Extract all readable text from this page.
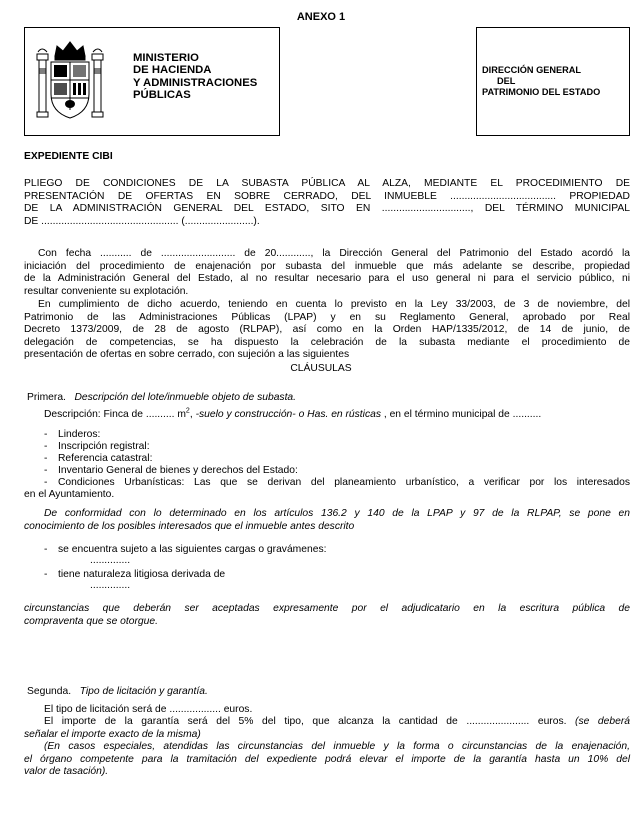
ANEXO 1
MINISTERIO
DE HACIENDA
Y ADMINISTRACIONES
PÚBLICAS
DIRECCIÓN GENERAL
DEL
PATRIMONIO DEL ESTADO
EXPEDIENTE CIBI
PLIEGO DE CONDICIONES DE LA SUBASTA PÚBLICA AL ALZA, MEDIANTE EL PROCEDIMIENTO DE
PRESENTACIÓN DE OFERTAS EN SOBRE CERRADO, DEL INMUEBLE ..................................... PROPIEDAD
DE LA ADMINISTRACIÓN GENERAL DEL ESTADO, SITO EN ..............................., DEL TÉRMINO MUNICIPAL
DE ................................................ (........................).
Con fecha ........... de .......................... de 20............, la Dirección General del Patrimonio del Estado acordó la
iniciación del procedimiento de enajenación por subasta del inmueble que más adelante se describe, propiedad
de la Administración General del Estado, al no resultar necesario para el uso general ni para el servicio público, ni
resultar conveniente su explotación.
En cumplimiento de dicho acuerdo, teniendo en cuenta lo previsto en la Ley 33/2003, de 3 de noviembre, del
Patrimonio de las Administraciones Públicas (LPAP) y en su Reglamento General, aprobado por Real
Decreto 1373/2009, de 28 de agosto (RLPAP), así como en la Orden HAP/1335/2012, de 14 de junio, de
delegación de competencias, se ha dispuesto la celebración de la subasta mediante el procedimiento de
presentación de ofertas en sobre cerrado, con sujeción a las siguientes
CLÁUSULAS
Primera. Descripción del lote/inmueble objeto de subasta.
Descripción: Finca de .......... $m^2$, -suelo y construcción- o Has. en rústicas , en el término municipal de ..........
- Linderos:
- Inscripción registral:
- Referencia catastral:
- Inventario General de bienes y derechos del Estado:
- Condiciones Urbanísticas: Las que se derivan del planeamiento urbanístico, a verificar por los interesados
en el Ayuntamiento.
De conformidad con lo determinado en los artículos 136.2 y 140 de la LPAP y 97 de la RLPAP, se pone en
conocimiento de los posibles interesados que el inmueble antes descrito
- se encuentra sujeto a las siguientes cargas o gravámenes:
..............
- tiene naturaleza litigiosa derivada de
..............
circunstancias que deberán ser aceptadas expresamente por el adjudicatario en la escritura pública de
compraventa que se otorgue.
Segunda. Tipo de licitación y garantía.
El tipo de licitación será de .................. euros.
El importe de la garantía será del 5% del tipo, que alcanza la cantidad de ...................... euros. (se deberá
señalar el importe exacto de la misma)
(En casos especiales, atendidas las circunstancias del inmueble y la forma o circunstancias de la enajenación,
el órgano competente para la tramitación del expediente podrá elevar el importe de la garantía hasta un 10% del
valor de tasación).
